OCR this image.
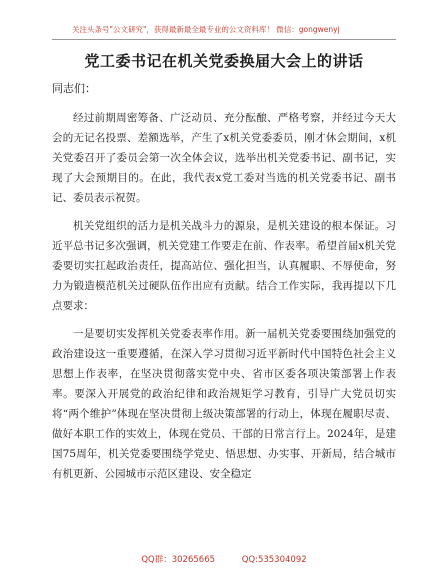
关注头条号"公文研究"，获得最新最全最专业的公文资料库！ 微信：gongwenyj
党工委书记在机关党委换届大会上的讲话
同志们：

经过前期周密筹备、广泛动员、充分酝酿、严格考察，并经过今天大会的无记名投票、差额选举，产生了x机关党委委员，刚才休会期间，x机关党委召开了委员会第一次全体会议，选举出机关党委书记、副书记，实现了大会预期目的。在此，我代表x党工委对当选的机关党委书记、副书记、委员表示祝贺。

机关党组织的活力是机关战斗力的源泉，是机关建设的根本保证。习近平总书记多次强调，机关党建工作要走在前、作表率。希望首届x机关党委要切实扛起政治责任，提高站位、强化担当，认真履职、不辱使命，努力为锻造模范机关过硬队伍作出应有贡献。结合工作实际，我再提以下几点要求：

一是要切实发挥机关党委表率作用。新一届机关党委要围绕加强党的政治建设这一重要遵循，在深入学习贯彻习近平新时代中国特色社会主义思想上作表率，在坚决贯彻落实党中央、省市区委各项决策部署上作表率。要深入开展党的政治纪律和政治规矩学习教育，引导广大党员切实将“两个维护”体现在坚决贯彻上级决策部署的行动上，体现在履职尽责、做好本职工作的实效上，体现在党员、干部的日常言行上。2024年，是建国75周年，机关党委要围绕学党史、悟思想、办实事、开新局，结合城市有机更新、公园城市示范区建设、安全稳定

QQ群：30265665	QQ:535304092
